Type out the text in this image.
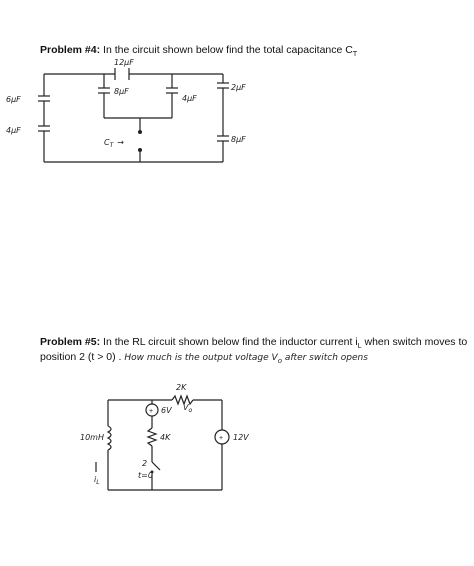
Problem #4: In the circuit shown below find the total capacitance $C_T$
12μF
6μF
4μF
8μF
4μF
2μF
8μF
$C_T$ →
Problem #5: In the RL circuit shown below find the inductor current $i_L$ when switch moves to
position 2 (t > 0) . How much is the output voltage $V_o$ after switch opens
+
+
2K
$V_o$
6V
10mH	4K	12V
$i_L$
2
t=0
